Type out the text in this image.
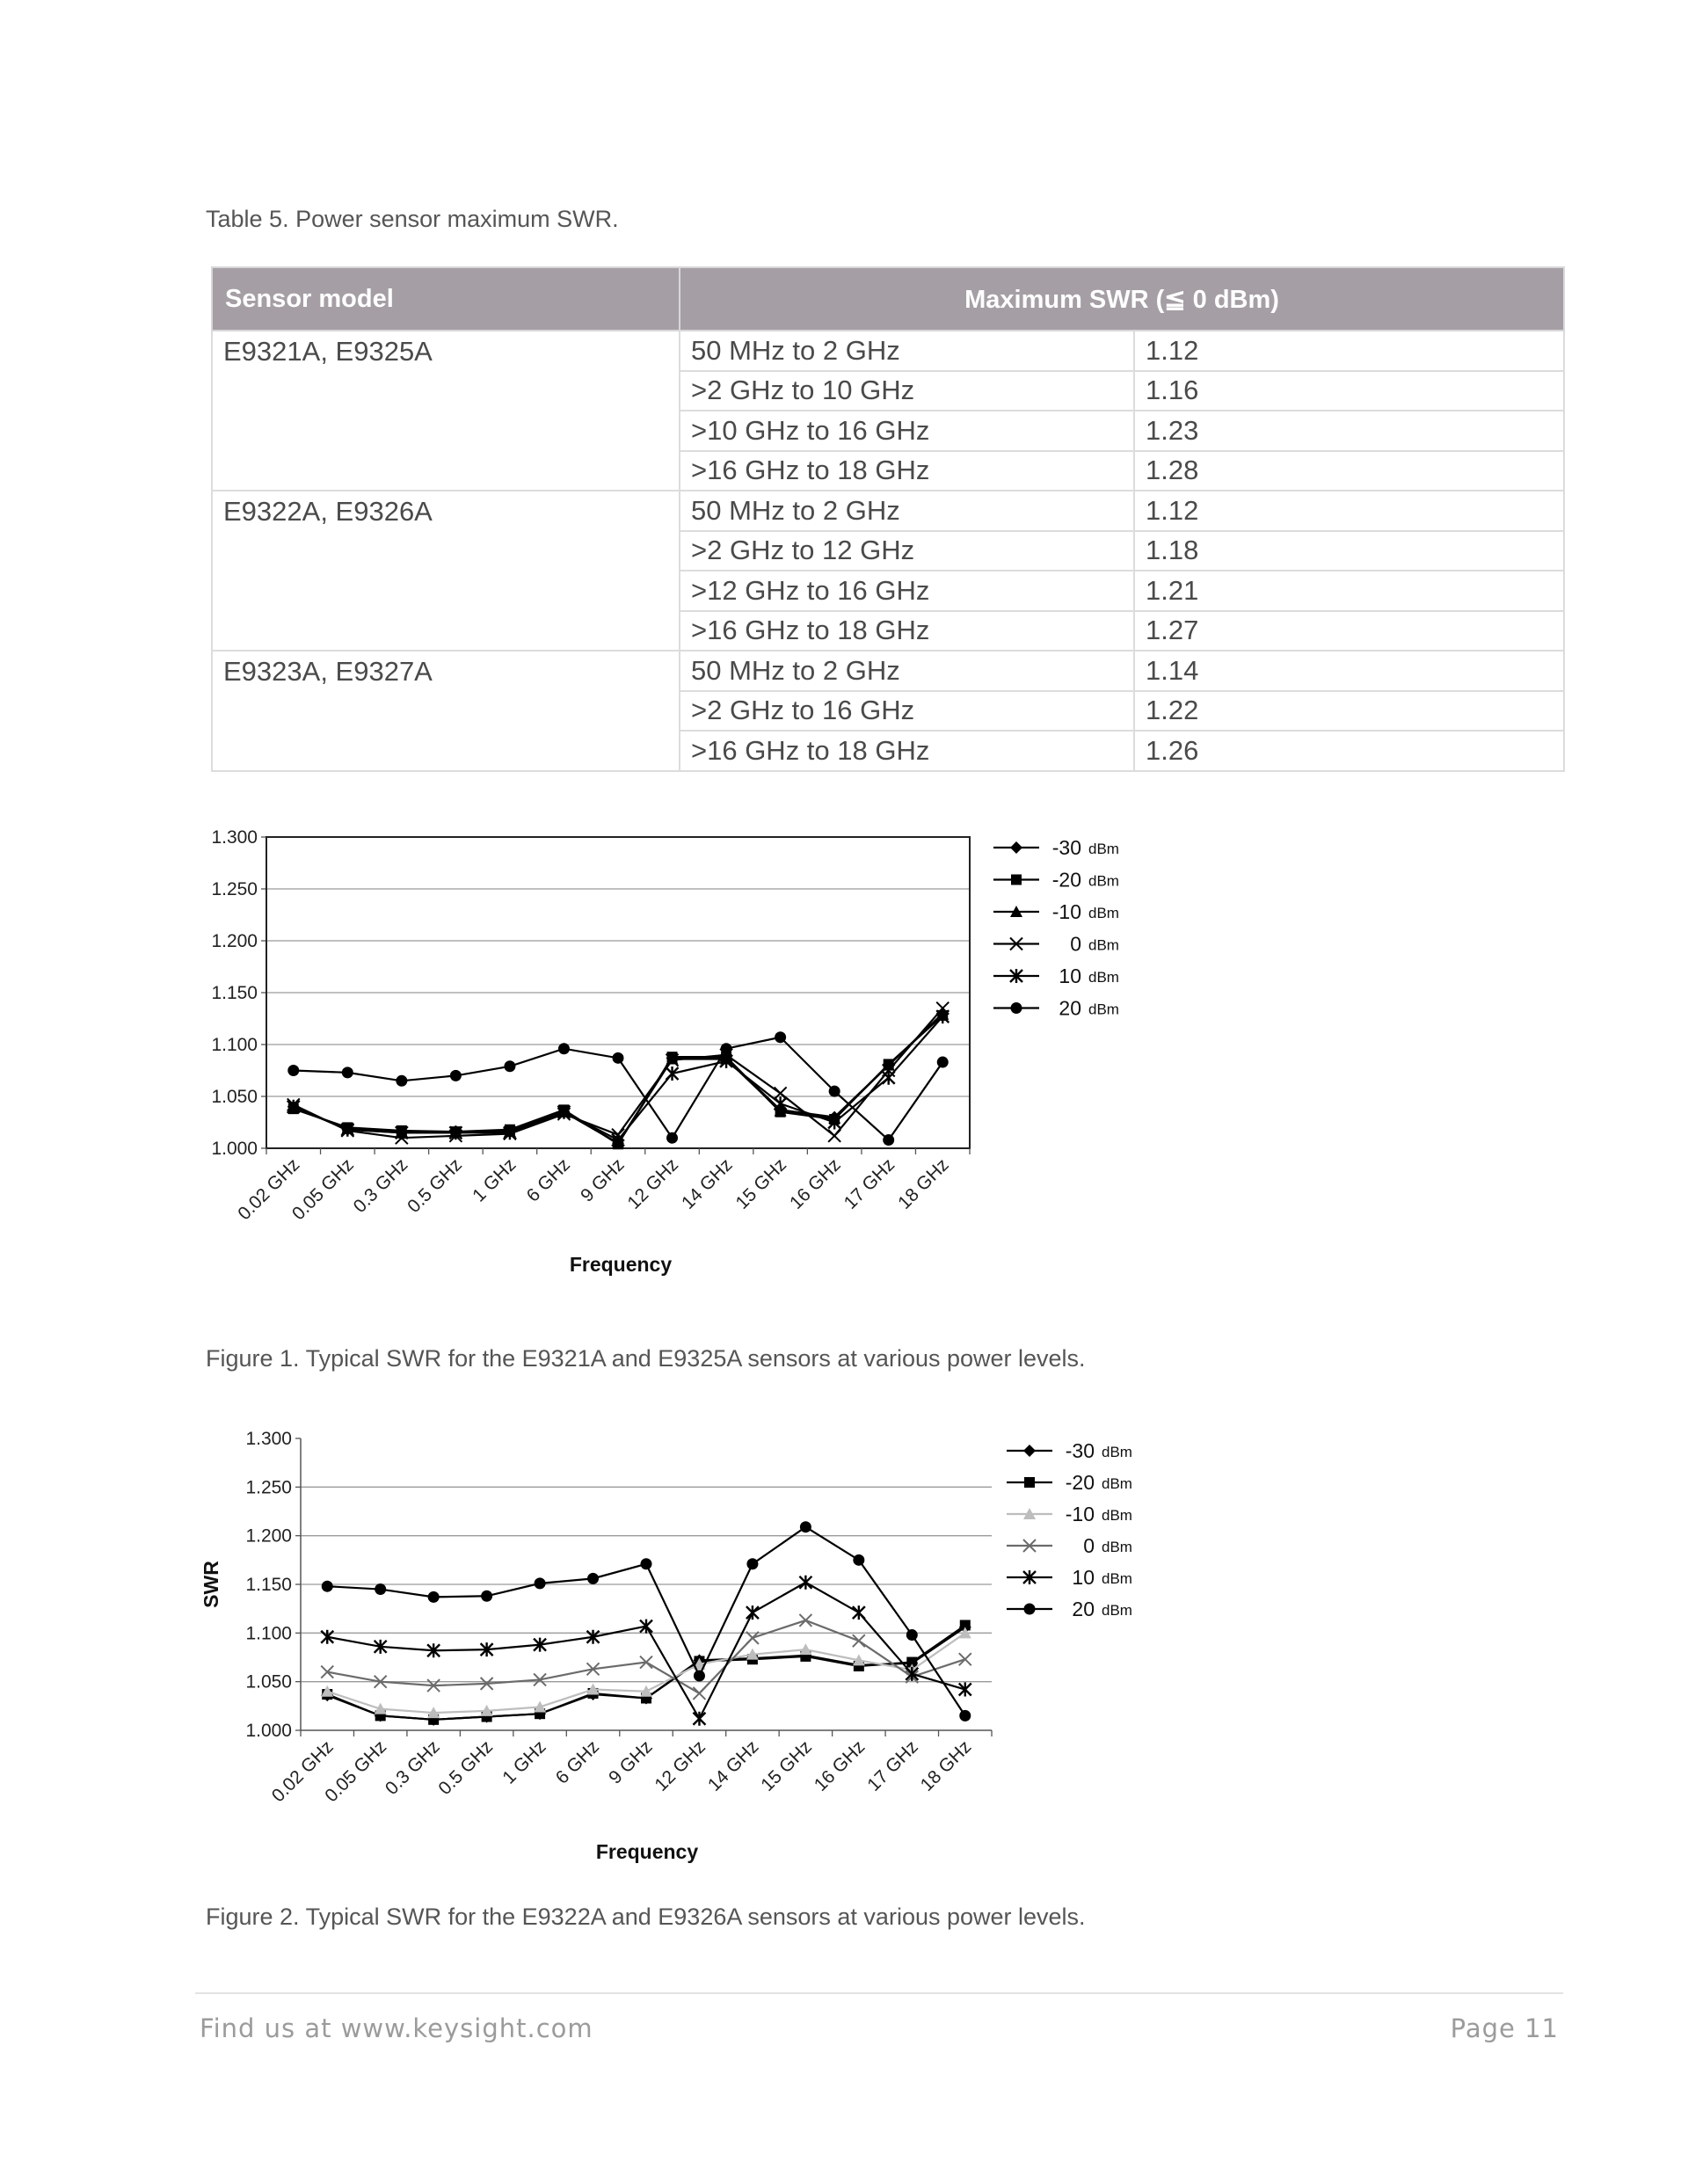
Table 5. Power sensor maximum SWR.
Sensor model	Maximum SWR (≦ 0 dBm)	
E9321A, E9325A	50 MHz to 2 GHz	1.12
	>2 GHz to 10 GHz	1.16
	>10 GHz to 16 GHz	1.23
	>16 GHz to 18 GHz	1.28
E9322A, E9326A	50 MHz to 2 GHz	1.12
	>2 GHz to 12 GHz	1.18
	>12 GHz to 16 GHz	1.21
	>16 GHz to 18 GHz	1.27
E9323A, E9327A	50 MHz to 2 GHz	1.14
	>2 GHz to 16 GHz	1.22
	>16 GHz to 18 GHz	1.26
1.000
1.050
1.100
1.150
1.200
1.250
1.300
0.02 GHz
0.05 GHz
0.3 GHz
0.5 GHz 1 GHz 6 GHz 9 GHz
12 GHz
14 GHz
15 GHz
16 GHz
17 GHz
18 GHz
Frequency
-30 dBm
-20 dBm
-10 dBm
0 dBm
10 dBm
20 dBm
Figure 1. Typical SWR for the E9321A and E9325A sensors at various power levels.
1.000
1.050
1.100
1.150
1.200
1.250
1.300
0.02 GHz
0.05 GHz
0.3 GHz
0.5 GHz 1 GHz 6 GHz 9 GHz
12 GHz
14 GHz
15 GHz
16 GHz
17 GHz
18 GHz
Frequency
SWR
-30 dBm
-20 dBm
-10 dBm
0 dBm
10 dBm
20 dBm
Figure 2. Typical SWR for the E9322A and E9326A sensors at various power levels.
Find us at www.keysight.com	Page 11
